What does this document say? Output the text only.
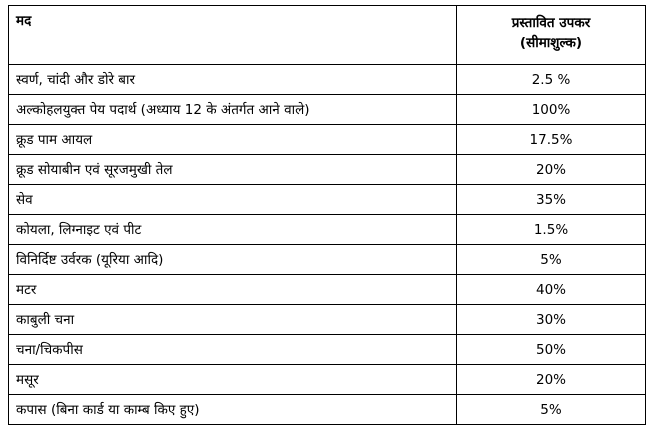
मद	प्रस्तावित उपकर
(सीमाशुल्क)

स्वर्ण, चांदी और डोरे बार	2.5 %
अल्कोहलयुक्त पेय पदार्थ (अध्याय 12 के अंतर्गत आने वाले)	100%
क्रूड पाम आयल	17.5%
क्रूड सोयाबीन एवं सूरजमुखी तेल	20%
सेव	35%
कोयला, लिग्नाइट एवं पीट	1.5%
विनिर्दिष्ट उर्वरक (यूरिया आदि)	5%
मटर	40%
काबुली चना	30%
चना/चिकपीस	50%
मसूर	20%
कपास (बिना कार्ड या काम्ब किए हुए)	5%
